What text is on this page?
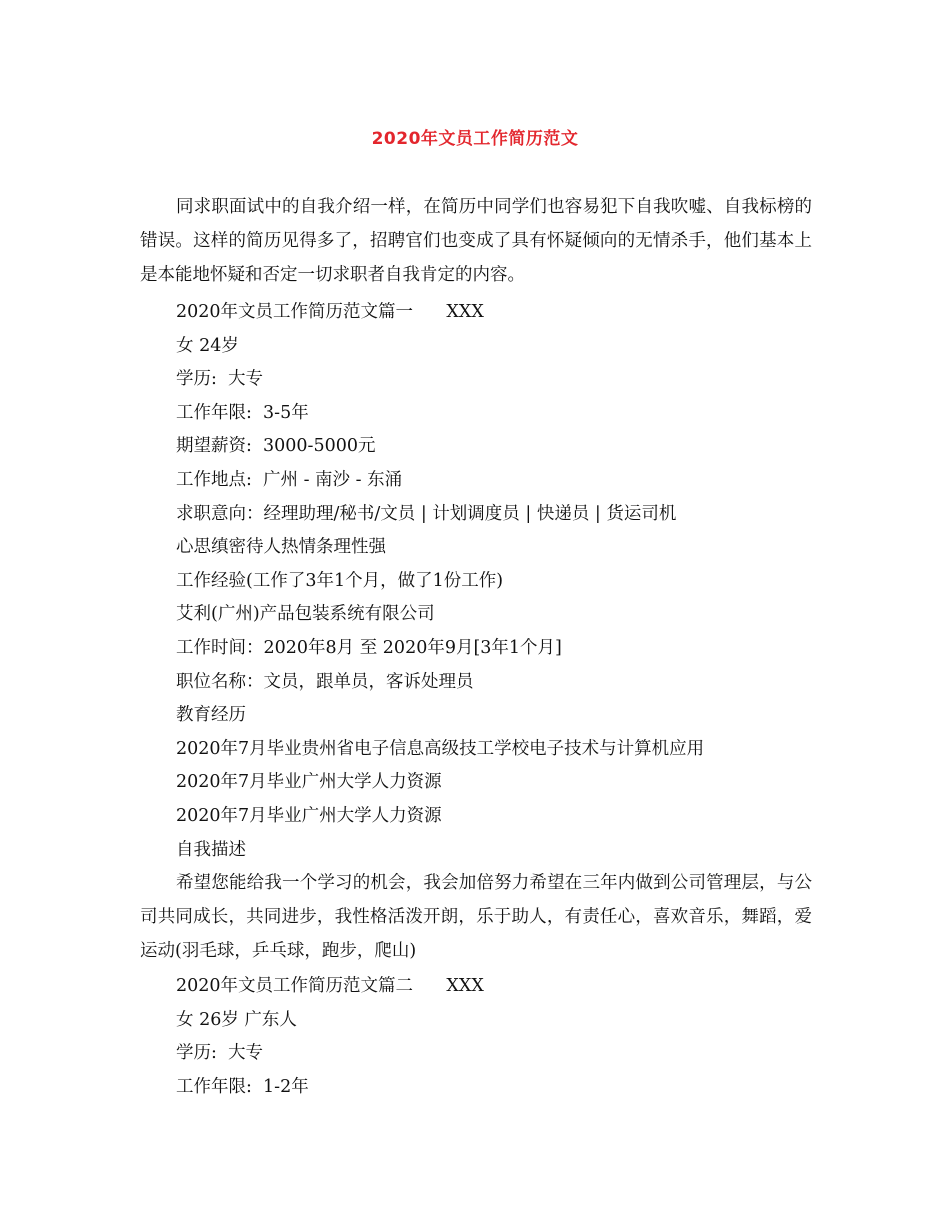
2020年文员工作简历范文

同求职面试中的自我介绍一样，在简历中同学们也容易犯下自我吹嘘、自我标榜的错误。这样的简历见得多了，招聘官们也变成了具有怀疑倾向的无情杀手，他们基本上是本能地怀疑和否定一切求职者自我肯定的内容。

2020年文员工作简历范文篇一      XXX
女 24岁
学历:  大专
工作年限:  3-5年
期望薪资:  3000-5000元
工作地点:  广州 - 南沙 - 东涌
求职意向：经理助理/秘书/文员 | 计划调度员 | 快递员 | 货运司机
心思缜密待人热情条理性强
工作经验(工作了3年1个月，做了1份工作)
艾利(广州)产品包装系统有限公司
工作时间：2020年8月 至 2020年9月[3年1个月]
职位名称：文员，跟单员，客诉处理员
教育经历
2020年7月毕业贵州省电子信息高级技工学校电子技术与计算机应用
2020年7月毕业广州大学人力资源
2020年7月毕业广州大学人力资源
自我描述

希望您能给我一个学习的机会，我会加倍努力希望在三年内做到公司管理层，与公司共同成长，共同进步，我性格活泼开朗，乐于助人，有责任心，喜欢音乐，舞蹈，爱运动(羽毛球，乒乓球，跑步，爬山)

2020年文员工作简历范文篇二      XXX
女 26岁 广东人
学历:  大专
工作年限:  1-2年
